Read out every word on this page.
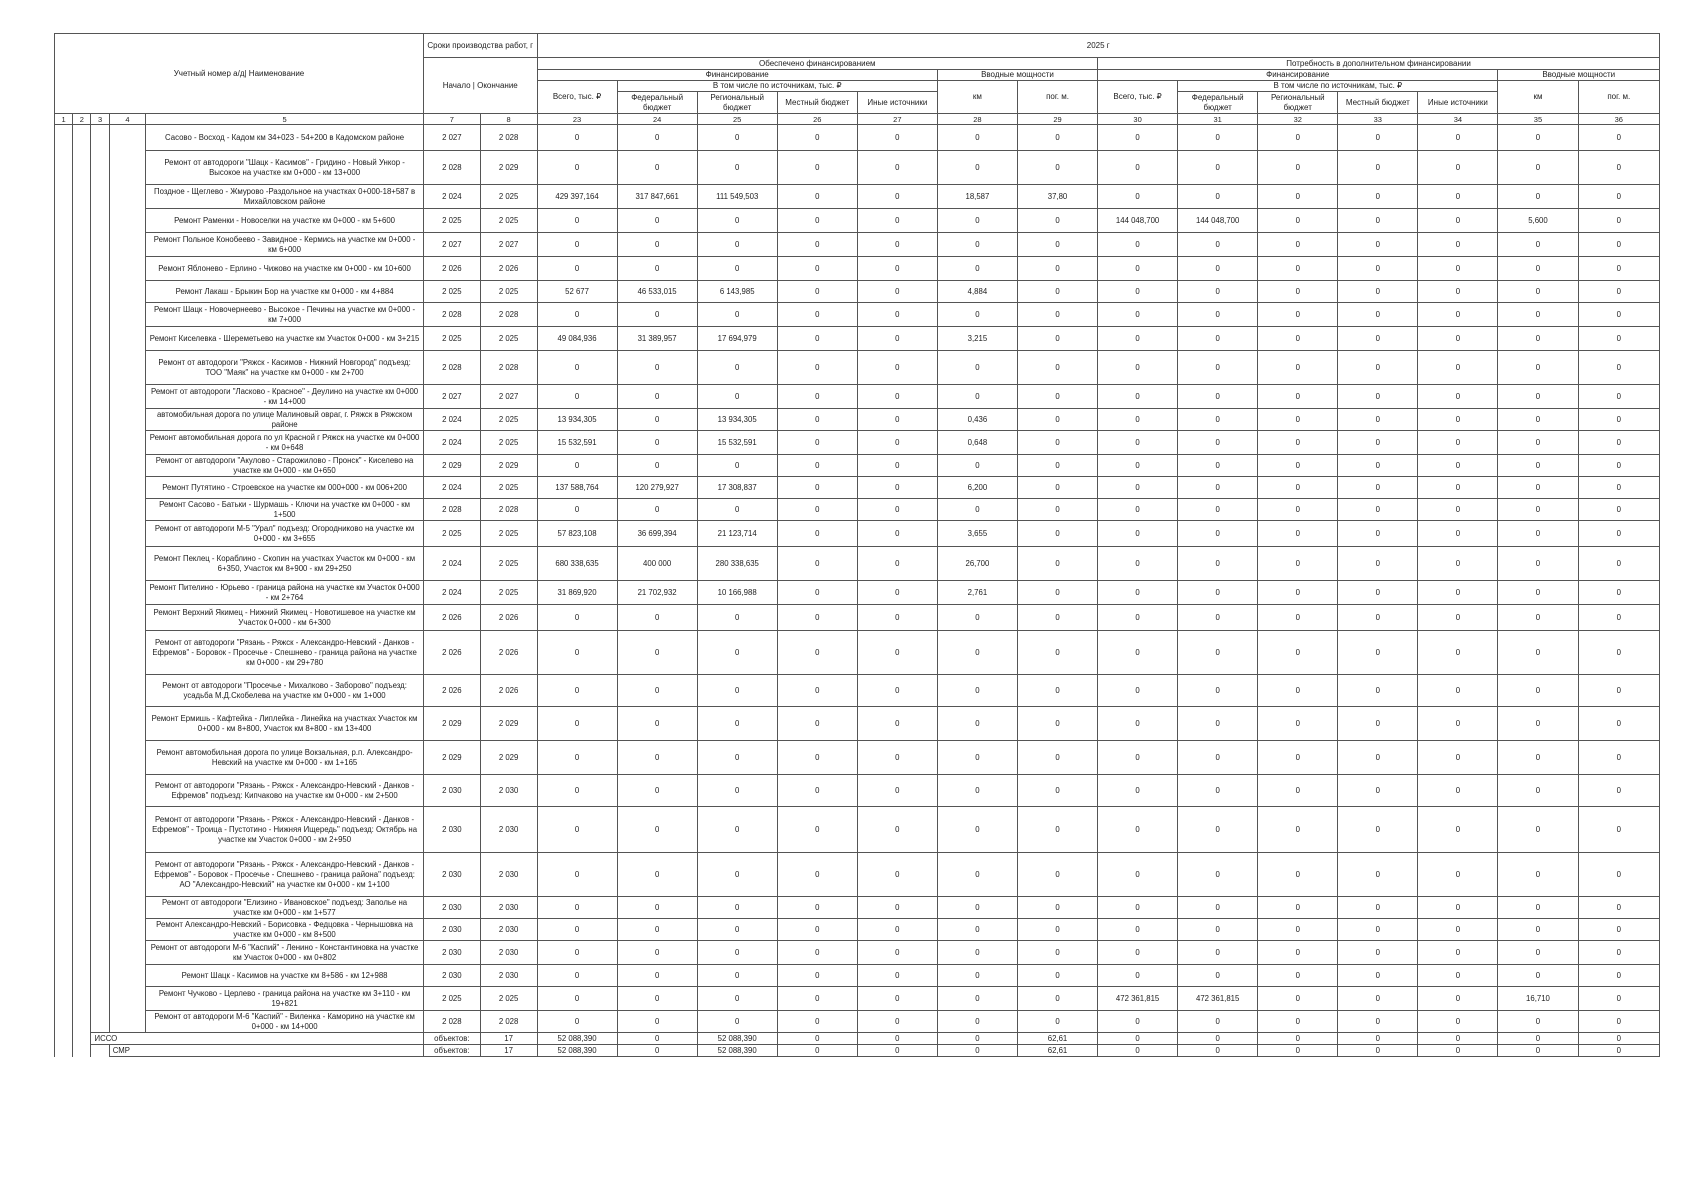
Учетный номер а/д| Наименование					Сроки производства работ, г		2025 г													
					Начало | Окончание		Обеспечено финансированием							Потребность в дополнительном финансировании						
							Финансирование					Вводные мощности		Финансирование					Вводные мощности	
							Всего, тыс. ₽	В том числе по источникам, тыс. ₽				км	пог. м.	Всего, тыс. ₽	В том числе по источникам, тыс. ₽				км	пог. м.
								Федеральный бюджет	Региональный бюджет	Местный бюджет	Иные источники				Федеральный бюджет	Региональный бюджет	Местный бюджет	Иные источники		
1	2	3	4	5	7	8	23	24	25	26	27	28	29	30	31	32	33	34	35	36
				Сасово - Восход - Кадом км 34+023 - 54+200 в Кадомском районе	2 027	2 028	0	0	0	0	0	0	0	0	0	0	0	0	0	0
				Ремонт от автодороги "Шацк - Касимов" - Гридино - Новый Ункор - Высокое на участке км 0+000 - км 13+000	2 028	2 029	0	0	0	0	0	0	0	0	0	0	0	0	0	0
				Поздное - Щеглево - Жмурово -Раздольное на участках 0+000-18+587 в Михайловском районе	2 024	2 025	429 397,164	317 847,661	111 549,503	0	0	18,587	37,80	0	0	0	0	0	0	0
				Ремонт Раменки - Новоселки на участке км 0+000 - км 5+600	2 025	2 025	0	0	0	0	0	0	0	144 048,700	144 048,700	0	0	0	5,600	0
				Ремонт Польное Конобеево - Завидное - Кермись на участке км 0+000 - км 6+000	2 027	2 027	0	0	0	0	0	0	0	0	0	0	0	0	0	0
				Ремонт Яблонево - Ерлино - Чижово на участке км 0+000 - км 10+600	2 026	2 026	0	0	0	0	0	0	0	0	0	0	0	0	0	0
				Ремонт Лакаш - Брыкин Бор на участке км 0+000 - км 4+884	2 025	2 025	52 677	46 533,015	6 143,985	0	0	4,884	0	0	0	0	0	0	0	0
				Ремонт Шацк - Новочернеево - Высокое - Печины на участке км 0+000 - км 7+000	2 028	2 028	0	0	0	0	0	0	0	0	0	0	0	0	0	0
				Ремонт Киселевка - Шереметьево на участке км Участок 0+000 - км 3+215	2 025	2 025	49 084,936	31 389,957	17 694,979	0	0	3,215	0	0	0	0	0	0	0	0
				Ремонт от автодороги "Ряжск - Касимов - Нижний Новгород" подъезд: ТОО "Маяк" на участке км 0+000 - км 2+700	2 028	2 028	0	0	0	0	0	0	0	0	0	0	0	0	0	0
				Ремонт от автодороги "Ласково - Красное" - Деулино на участке км 0+000 - км 14+000	2 027	2 027	0	0	0	0	0	0	0	0	0	0	0	0	0	0
				автомобильная дорога по улице Малиновый овраг, г. Ряжск в Ряжском районе	2 024	2 025	13 934,305	0	13 934,305	0	0	0,436	0	0	0	0	0	0	0	0
				Ремонт автомобильная дорога по ул Красной г Ряжск на участке км 0+000 - км 0+648	2 024	2 025	15 532,591	0	15 532,591	0	0	0,648	0	0	0	0	0	0	0	0
				Ремонт от автодороги "Акулово - Старожилово - Пронск" - Киселево на участке км 0+000 - км 0+650	2 029	2 029	0	0	0	0	0	0	0	0	0	0	0	0	0	0
				Ремонт Путятино - Строевское на участке км 000+000 - км 006+200	2 024	2 025	137 588,764	120 279,927	17 308,837	0	0	6,200	0	0	0	0	0	0	0	0
				Ремонт Сасово - Батьки - Шурмашь - Ключи на участке км 0+000 - км 1+500	2 028	2 028	0	0	0	0	0	0	0	0	0	0	0	0	0	0
				Ремонт от автодороги М-5 "Урал" подъезд: Огородниково на участке км 0+000 - км 3+655	2 025	2 025	57 823,108	36 699,394	21 123,714	0	0	3,655	0	0	0	0	0	0	0	0
				Ремонт Пеклец - Кораблино - Скопин на участках Участок км 0+000 - км 6+350, Участок км 8+900 - км 29+250	2 024	2 025	680 338,635	400 000	280 338,635	0	0	26,700	0	0	0	0	0	0	0	0
				Ремонт Пителино - Юрьево - граница района на участке км Участок 0+000 - км 2+764	2 024	2 025	31 869,920	21 702,932	10 166,988	0	0	2,761	0	0	0	0	0	0	0	0
				Ремонт Верхний Якимец - Нижний Якимец - Новотишевое на участке км Участок 0+000 - км 6+300	2 026	2 026	0	0	0	0	0	0	0	0	0	0	0	0	0	0
				Ремонт от автодороги "Рязань - Ряжск - Александро-Невский - Данков - Ефремов" - Боровок - Просечье - Спешнево - граница района на участке км 0+000 - км 29+780	2 026	2 026	0	0	0	0	0	0	0	0	0	0	0	0	0	0
				Ремонт от автодороги "Просечье - Михалково - Заборово" подъезд: усадьба М.Д.Скобелева на участке км 0+000 - км 1+000	2 026	2 026	0	0	0	0	0	0	0	0	0	0	0	0	0	0
				Ремонт Ермишь - Кафтейка - Липлейка - Линейка на участках Участок км 0+000 - км 8+800, Участок км 8+800 - км 13+400	2 029	2 029	0	0	0	0	0	0	0	0	0	0	0	0	0	0
				Ремонт автомобильная дорога по улице Вокзальная, р.п. Александро-Невский на участке км 0+000 - км 1+165	2 029	2 029	0	0	0	0	0	0	0	0	0	0	0	0	0	0
				Ремонт от автодороги "Рязань - Ряжск - Александро-Невский - Данков - Ефремов" подъезд: Кипчаково на участке км 0+000 - км 2+500	2 030	2 030	0	0	0	0	0	0	0	0	0	0	0	0	0	0
				Ремонт от автодороги "Рязань - Ряжск - Александро-Невский - Данков - Ефремов" - Троица - Пустотино - Нижняя Ищередь" подъезд: Октябрь на участке км Участок 0+000 - км 2+950	2 030	2 030	0	0	0	0	0	0	0	0	0	0	0	0	0	0
				Ремонт от автодороги "Рязань - Ряжск - Александро-Невский - Данков - Ефремов" - Боровок - Просечье - Спешнево - граница района" подъезд: АО "Александро-Невский" на участке км 0+000 - км 1+100	2 030	2 030	0	0	0	0	0	0	0	0	0	0	0	0	0	0
				Ремонт от автодороги "Елизино - Ивановское" подъезд: Заполье на участке км 0+000 - км 1+577	2 030	2 030	0	0	0	0	0	0	0	0	0	0	0	0	0	0
				Ремонт Александро-Невский - Борисовка - Федцовка - Чернышовка на участке км 0+000 - км 8+500	2 030	2 030	0	0	0	0	0	0	0	0	0	0	0	0	0	0
				Ремонт от автодороги М-6 "Каспий" - Ленино - Константиновка на участке км Участок 0+000 - км 0+802	2 030	2 030	0	0	0	0	0	0	0	0	0	0	0	0	0	0
				Ремонт Шацк - Касимов на участке км 8+586 - км 12+988	2 030	2 030	0	0	0	0	0	0	0	0	0	0	0	0	0	0
				Ремонт Чучково - Церлево - граница района на участке км 3+110 - км 19+821	2 025	2 025	0	0	0	0	0	0	0	472 361,815	472 361,815	0	0	0	16,710	0
				Ремонт от автодороги М-6 "Каспий" - Виленка - Каморино на участке км 0+000 - км 14+000	2 028	2 028	0	0	0	0	0	0	0	0	0	0	0	0	0	0
		ИССО			объектов:	17	52 088,390	0	52 088,390	0	0	0	62,61	0	0	0	0	0	0	0
			СМР		объектов:	17	52 088,390	0	52 088,390	0	0	0	62,61	0	0	0	0	0	0	0
